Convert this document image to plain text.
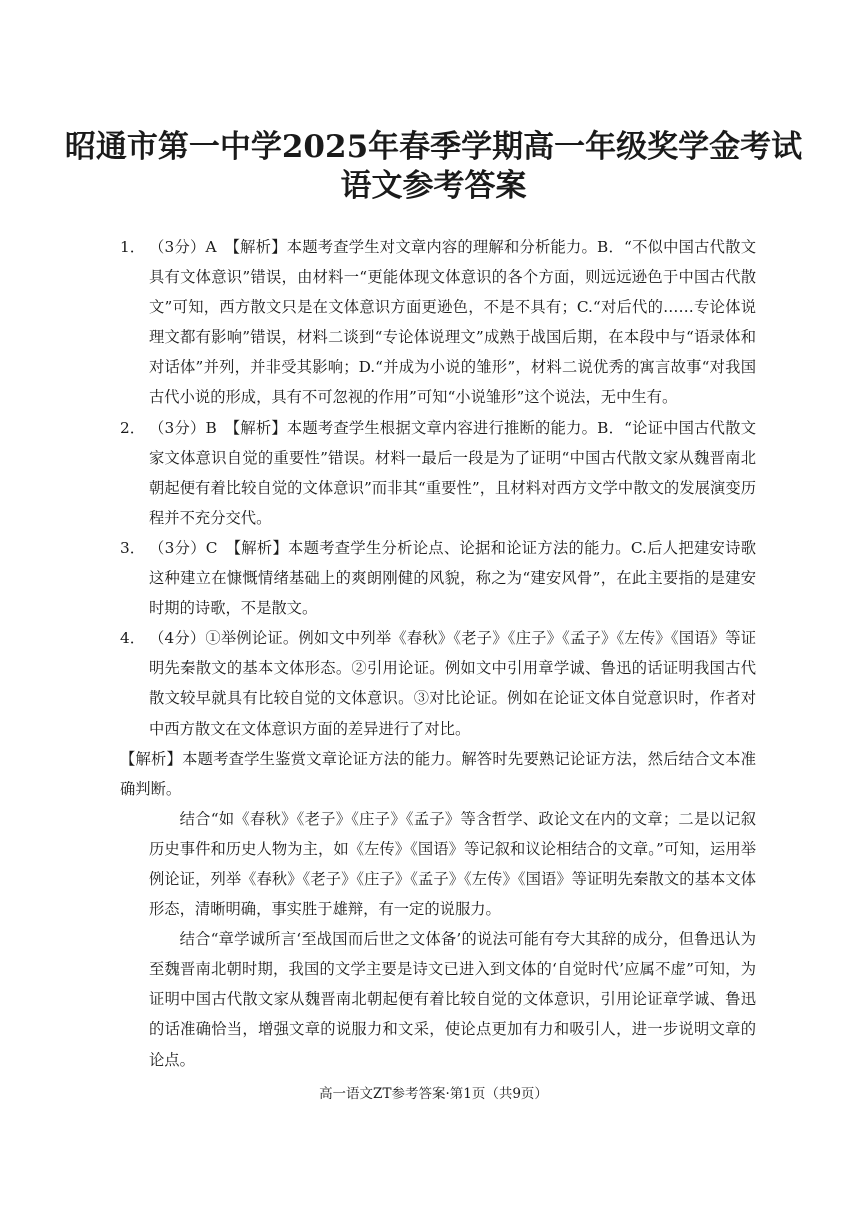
昭通市第一中学2025年春季学期高一年级奖学金考试
语文参考答案
1． （3分）A　【解析】本题考查学生对文章内容的理解和分析能力。B．“不似中国古代散文具有文体意识”错误，由材料一“更能体现文体意识的各个方面，则远远逊色于中国古代散文”可知，西方散文只是在文体意识方面更逊色，不是不具有；C.“对后代的……专论体说理文都有影响”错误，材料二谈到“专论体说理文”成熟于战国后期，在本段中与“语录体和对话体”并列，并非受其影响；D.“并成为小说的雏形”，材料二说优秀的寓言故事“对我国古代小说的形成，具有不可忽视的作用”可知“小说雏形”这个说法，无中生有。
2． （3分）B　【解析】本题考查学生根据文章内容进行推断的能力。B．“论证中国古代散文家文体意识自觉的重要性”错误。材料一最后一段是为了证明“中国古代散文家从魏晋南北朝起便有着比较自觉的文体意识”而非其“重要性”，且材料对西方文学中散文的发展演变历程并不充分交代。
3． （3分）C　【解析】本题考查学生分析论点、论据和论证方法的能力。C.后人把建安诗歌这种建立在慷慨情绪基础上的爽朗刚健的风貌，称之为“建安风骨”，在此主要指的是建安时期的诗歌，不是散文。
4． （4分）①举例论证。例如文中列举《春秋》《老子》《庄子》《孟子》《左传》《国语》等证明先秦散文的基本文体形态。②引用论证。例如文中引用章学诚、鲁迅的话证明我国古代散文较早就具有比较自觉的文体意识。③对比论证。例如在论证文体自觉意识时，作者对中西方散文在文体意识方面的差异进行了对比。

【解析】本题考查学生鉴赏文章论证方法的能力。解答时先要熟记论证方法，然后结合文本准确判断。

结合“如《春秋》《老子》《庄子》《孟子》等含哲学、政论文在内的文章；二是以记叙历史事件和历史人物为主，如《左传》《国语》等记叙和议论相结合的文章。”可知，运用举例论证，列举《春秋》《老子》《庄子》《孟子》《左传》《国语》等证明先秦散文的基本文体形态，清晰明确，事实胜于雄辩，有一定的说服力。

结合“章学诚所言‘至战国而后世之文体备’的说法可能有夸大其辞的成分，但鲁迅认为至魏晋南北朝时期，我国的文学主要是诗文已进入到文体的‘自觉时代’应属不虚”可知，为证明中国古代散文家从魏晋南北朝起便有着比较自觉的文体意识，引用论证章学诚、鲁迅的话准确恰当，增强文章的说服力和文采，使论点更加有力和吸引人，进一步说明文章的论点。

高一语文ZT参考答案·第1页（共9页）
